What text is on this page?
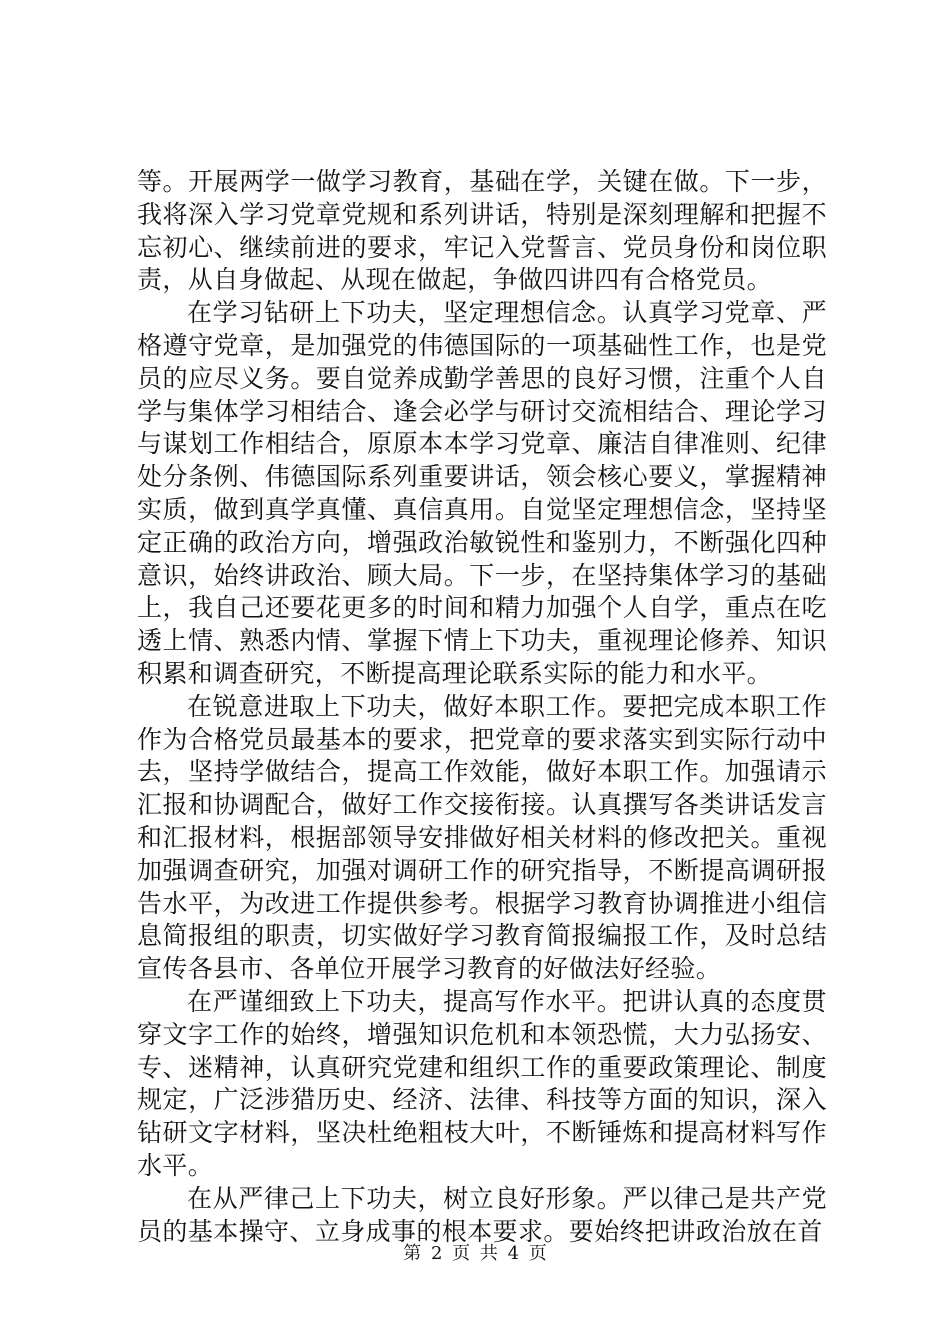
等。开展两学一做学习教育，基础在学，关键在做。下一步，我将深入学习党章党规和系列讲话，特别是深刻理解和把握不忘初心、继续前进的要求，牢记入党誓言、党员身份和岗位职责，从自身做起、从现在做起，争做四讲四有合格党员。

在学习钻研上下功夫，坚定理想信念。认真学习党章、严格遵守党章，是加强党的伟德国际的一项基础性工作，也是党员的应尽义务。要自觉养成勤学善思的良好习惯，注重个人自学与集体学习相结合、逢会必学与研讨交流相结合、理论学习与谋划工作相结合，原原本本学习党章、廉洁自律准则、纪律处分条例、伟德国际系列重要讲话，领会核心要义，掌握精神实质，做到真学真懂、真信真用。自觉坚定理想信念，坚持坚定正确的政治方向，增强政治敏锐性和鉴别力，不断强化四种意识，始终讲政治、顾大局。下一步，在坚持集体学习的基础上，我自己还要花更多的时间和精力加强个人自学，重点在吃透上情、熟悉内情、掌握下情上下功夫，重视理论修养、知识积累和调查研究，不断提高理论联系实际的能力和水平。

在锐意进取上下功夫，做好本职工作。要把完成本职工作作为合格党员最基本的要求，把党章的要求落实到实际行动中去，坚持学做结合，提高工作效能，做好本职工作。加强请示汇报和协调配合，做好工作交接衔接。认真撰写各类讲话发言和汇报材料，根据部领导安排做好相关材料的修改把关。重视加强调查研究，加强对调研工作的研究指导，不断提高调研报告水平，为改进工作提供参考。根据学习教育协调推进小组信息简报组的职责，切实做好学习教育简报编报工作，及时总结宣传各县市、各单位开展学习教育的好做法好经验。

在严谨细致上下功夫，提高写作水平。把讲认真的态度贯穿文字工作的始终，增强知识危机和本领恐慌，大力弘扬安、专、迷精神，认真研究党建和组织工作的重要政策理论、制度规定，广泛涉猎历史、经济、法律、科技等方面的知识，深入钻研文字材料，坚决杜绝粗枝大叶，不断锤炼和提高材料写作水平。

在从严律己上下功夫，树立良好形象。严以律己是共产党员的基本操守、立身成事的根本要求。要始终把讲政治放在首

第 2 页 共 4 页
